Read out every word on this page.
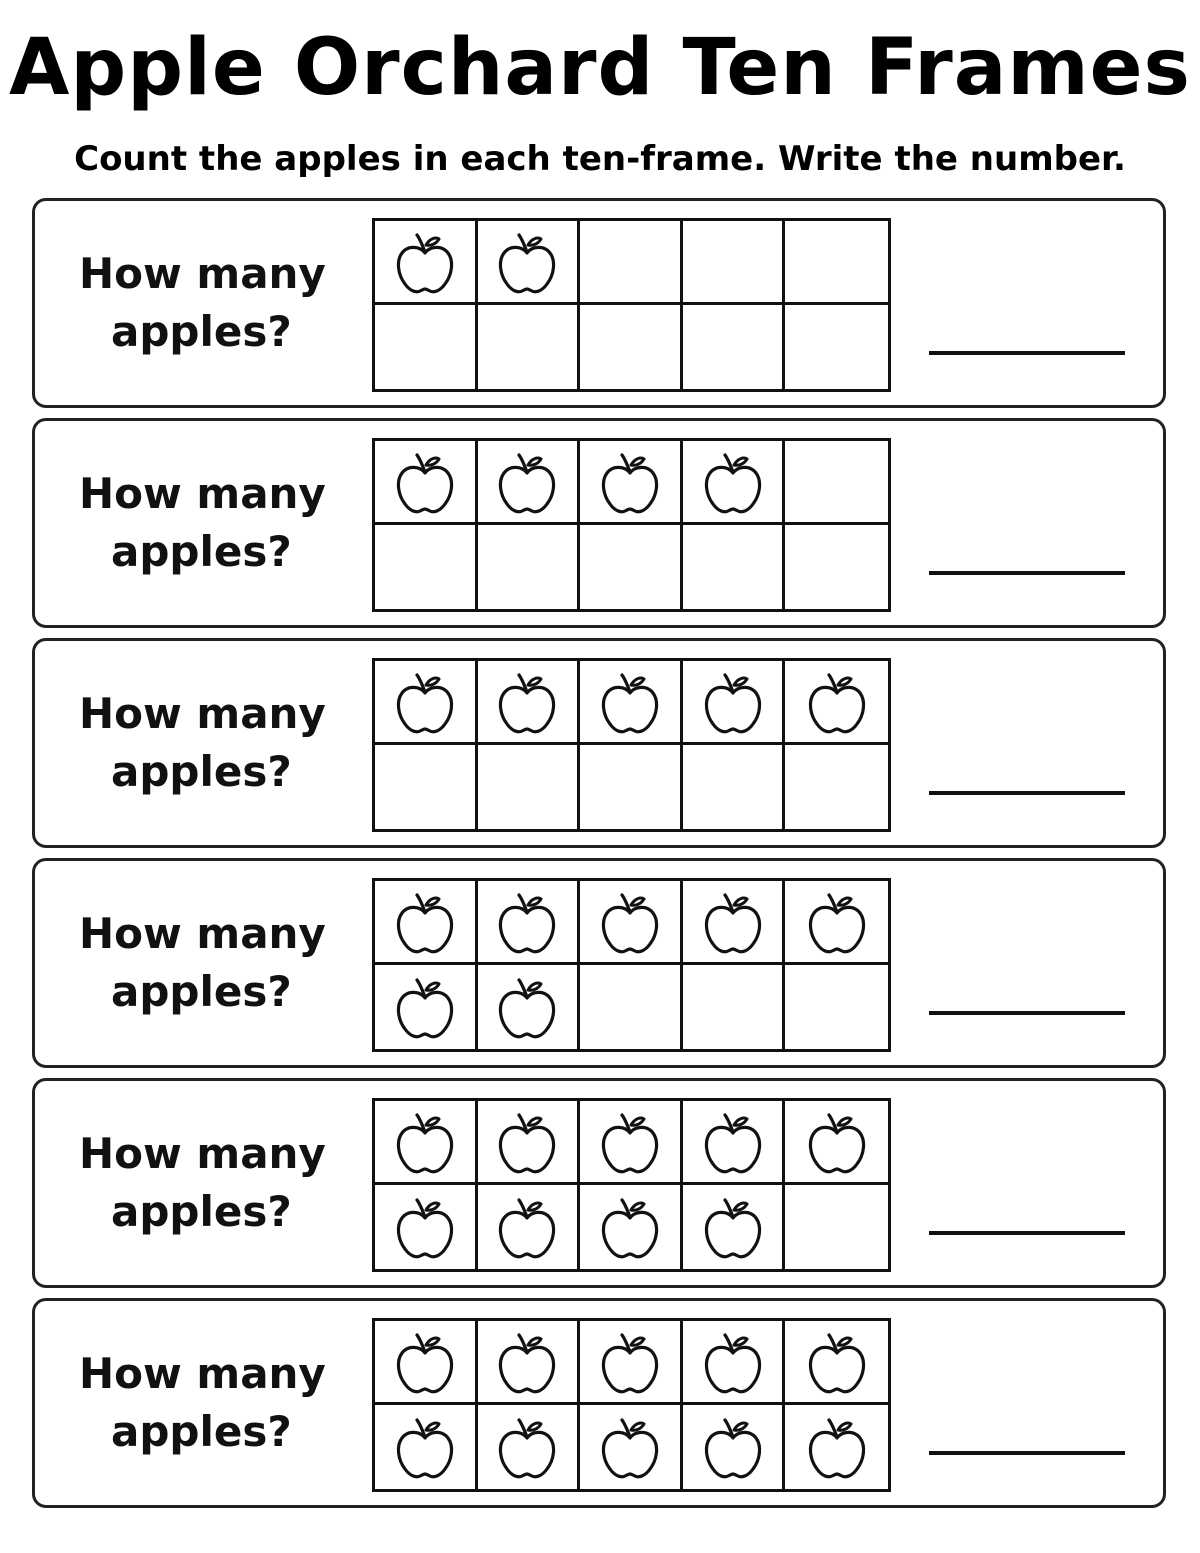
Apple Orchard Ten Frames
Count the apples in each ten-frame. Write the number.
How many
apples?
How many
apples?
How many
apples?
How many
apples?
How many
apples?
How many
apples?
